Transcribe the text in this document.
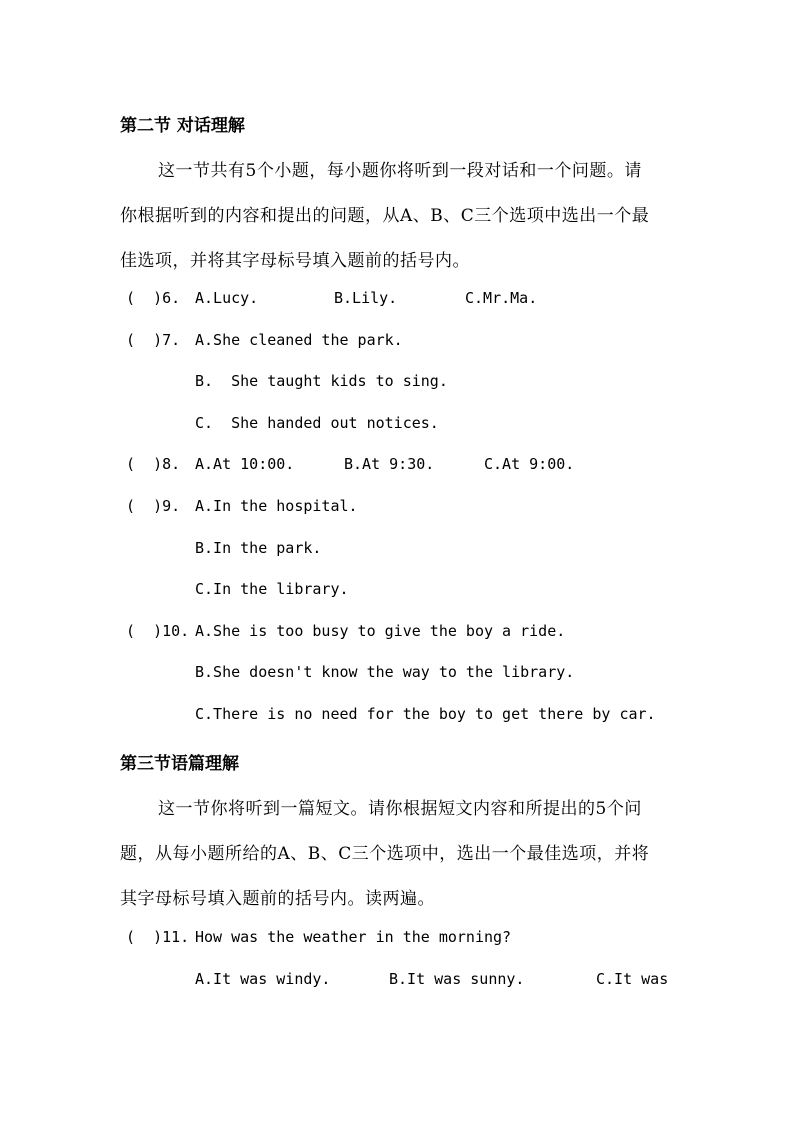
第二节 对话理解
这一节共有5个小题，每小题你将听到一段对话和一个问题。请
你根据听到的内容和提出的问题，从A、B、C三个选项中选出一个最
佳选项，并将其字母标号填入题前的括号内。
(  )6. A.Lucy.	B.Lily.	C.Mr.Ma.
(  )7. A.She cleaned the park.
B.  She taught kids to sing.
C.  She handed out notices.
(  )8. A.At 10:00.	B.At 9:30.	C.At 9:00.
(  )9. A.In the hospital.
B.In the park.
C.In the library.
(  )10. A.She is too busy to give the boy a ride.
B.She doesn't know the way to the library.
C.There is no need for the boy to get there by car.
第三节语篇理解
这一节你将听到一篇短文。请你根据短文内容和所提出的5个问
题，从每小题所给的A、B、C三个选项中，选出一个最佳选项，并将
其字母标号填入题前的括号内。读两遍。
(  )11. How was the weather in the morning?
A.It was windy.	B.It was sunny.	C.It was
